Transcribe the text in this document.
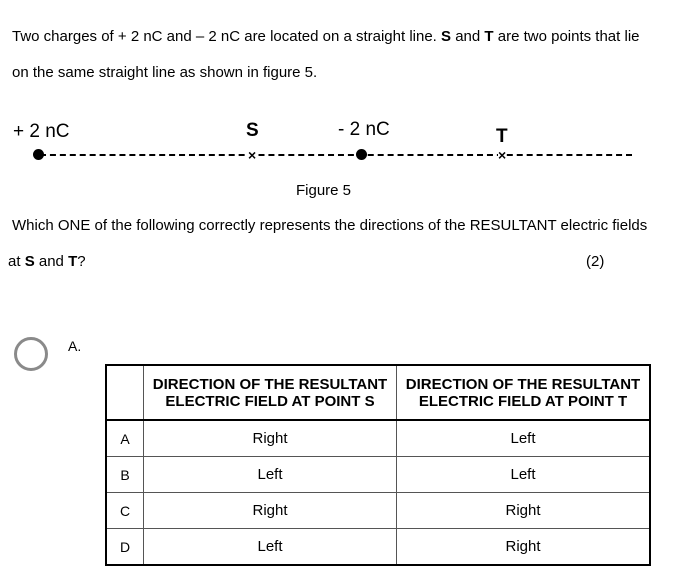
Two charges of + 2 nC and – 2 nC are located on a straight line. S and T are two points that lie
on the same straight line as shown in figure 5.
+ 2 nC	S	- 2 nC	T
×	×
Figure 5
Which ONE of the following correctly represents the directions of the RESULTANT electric fields
at S and T?	(2)
A.
	DIRECTION OF THE RESULTANT ELECTRIC FIELD AT POINT S	DIRECTION OF THE RESULTANT ELECTRIC FIELD AT POINT T
A	Right	Left
B	Left	Left
C	Right	Right
D	Left	Right
